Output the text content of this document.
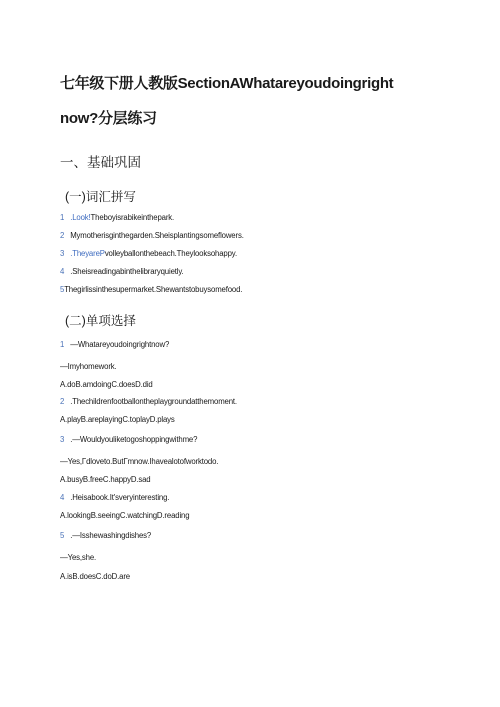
七年级下册人教版SectionAWhatareyoudoingright
now?分层练习
一、基础巩固
(一)词汇拼写
1 .Look!Theboyisrabikeinthepark.
2 Mymotherisginthegarden.Sheisplantingsomeflowers.
3 .TheyarePvolleyballonthebeach.Theylooksohappy.
4 .Sheisreadingabinthelibraryquietly.
5Thegirlissinthesupermarket.Shewantstobuysomefood.
(二)单项选择
1 —Whatareyoudoingrightnow?
—Imyhomework.
A.doB.amdoingC.doesD.did
2 .Thechildrenfootballontheplaygroundatthemoment.
A.playB.areplayingC.toplayD.plays
3 .—Wouldyouliketogoshoppingwithme?
—Yes,Γdloveto.ButΓmnow.Ihavealotofworktodo.
A.busyB.freeC.happyD.sad
4 .Heisabook.It'sveryinteresting.
A.lookingB.seeingC.watchingD.reading
5 .—Isshewashingdishes?
—Yes,she.
A.isB.doesC.doD.are
